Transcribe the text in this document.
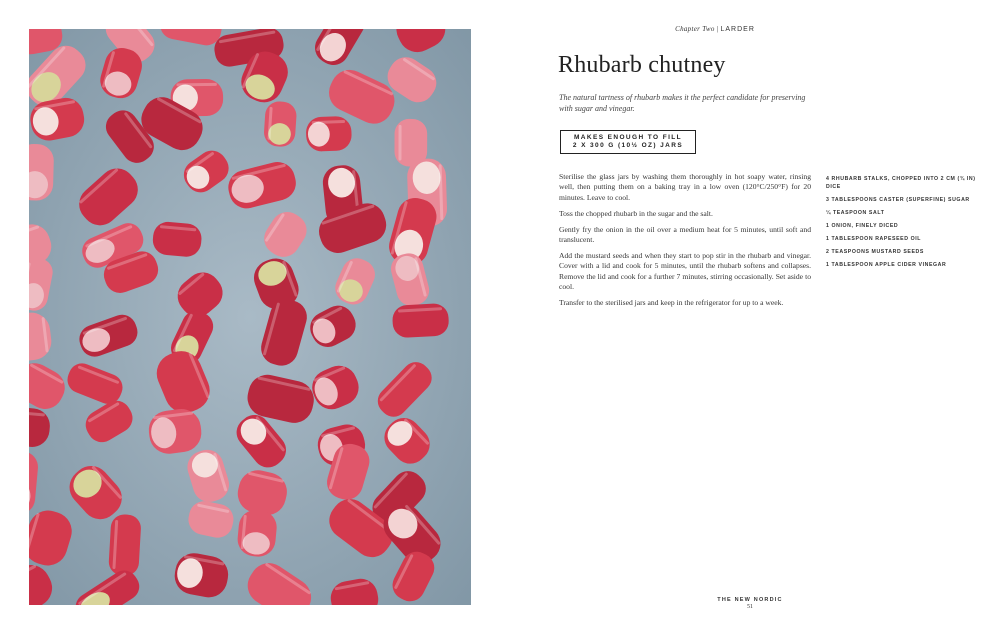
Chapter Two | LARDER
Rhubarb chutney
The natural tartness of rhubarb makes it the perfect candidate for preserving with sugar and vinegar.
MAKES ENOUGH TO FILL
2 X 300 G (10½ OZ) JARS

Sterilise the glass jars by washing them thoroughly in hot soapy water, rinsing well, then putting them on a baking tray in a low oven (120°C/250°F) for 20 minutes. Leave to cool.

Toss the chopped rhubarb in the sugar and the salt.

Gently fry the onion in the oil over a medium heat for 5 minutes, until soft and translucent.

Add the mustard seeds and when they start to pop stir in the rhubarb and vinegar. Cover with a lid and cook for 5 minutes, until the rhubarb softens and collapses. Remove the lid and cook for a further 7 minutes, stirring occasionally. Set aside to cool.

Transfer to the sterilised jars and keep in the refrigerator for up to a week.

4 RHUBARB STALKS, CHOPPED INTO 2 CM (¾ IN) DICE
3 TABLESPOONS CASTER (SUPERFINE) SUGAR
¼ TEASPOON SALT
1 ONION, FINELY DICED
1 TABLESPOON RAPESEED OIL
2 TEASPOONS MUSTARD SEEDS
1 TABLESPOON APPLE CIDER VINEGAR
THE NEW NORDIC
51
